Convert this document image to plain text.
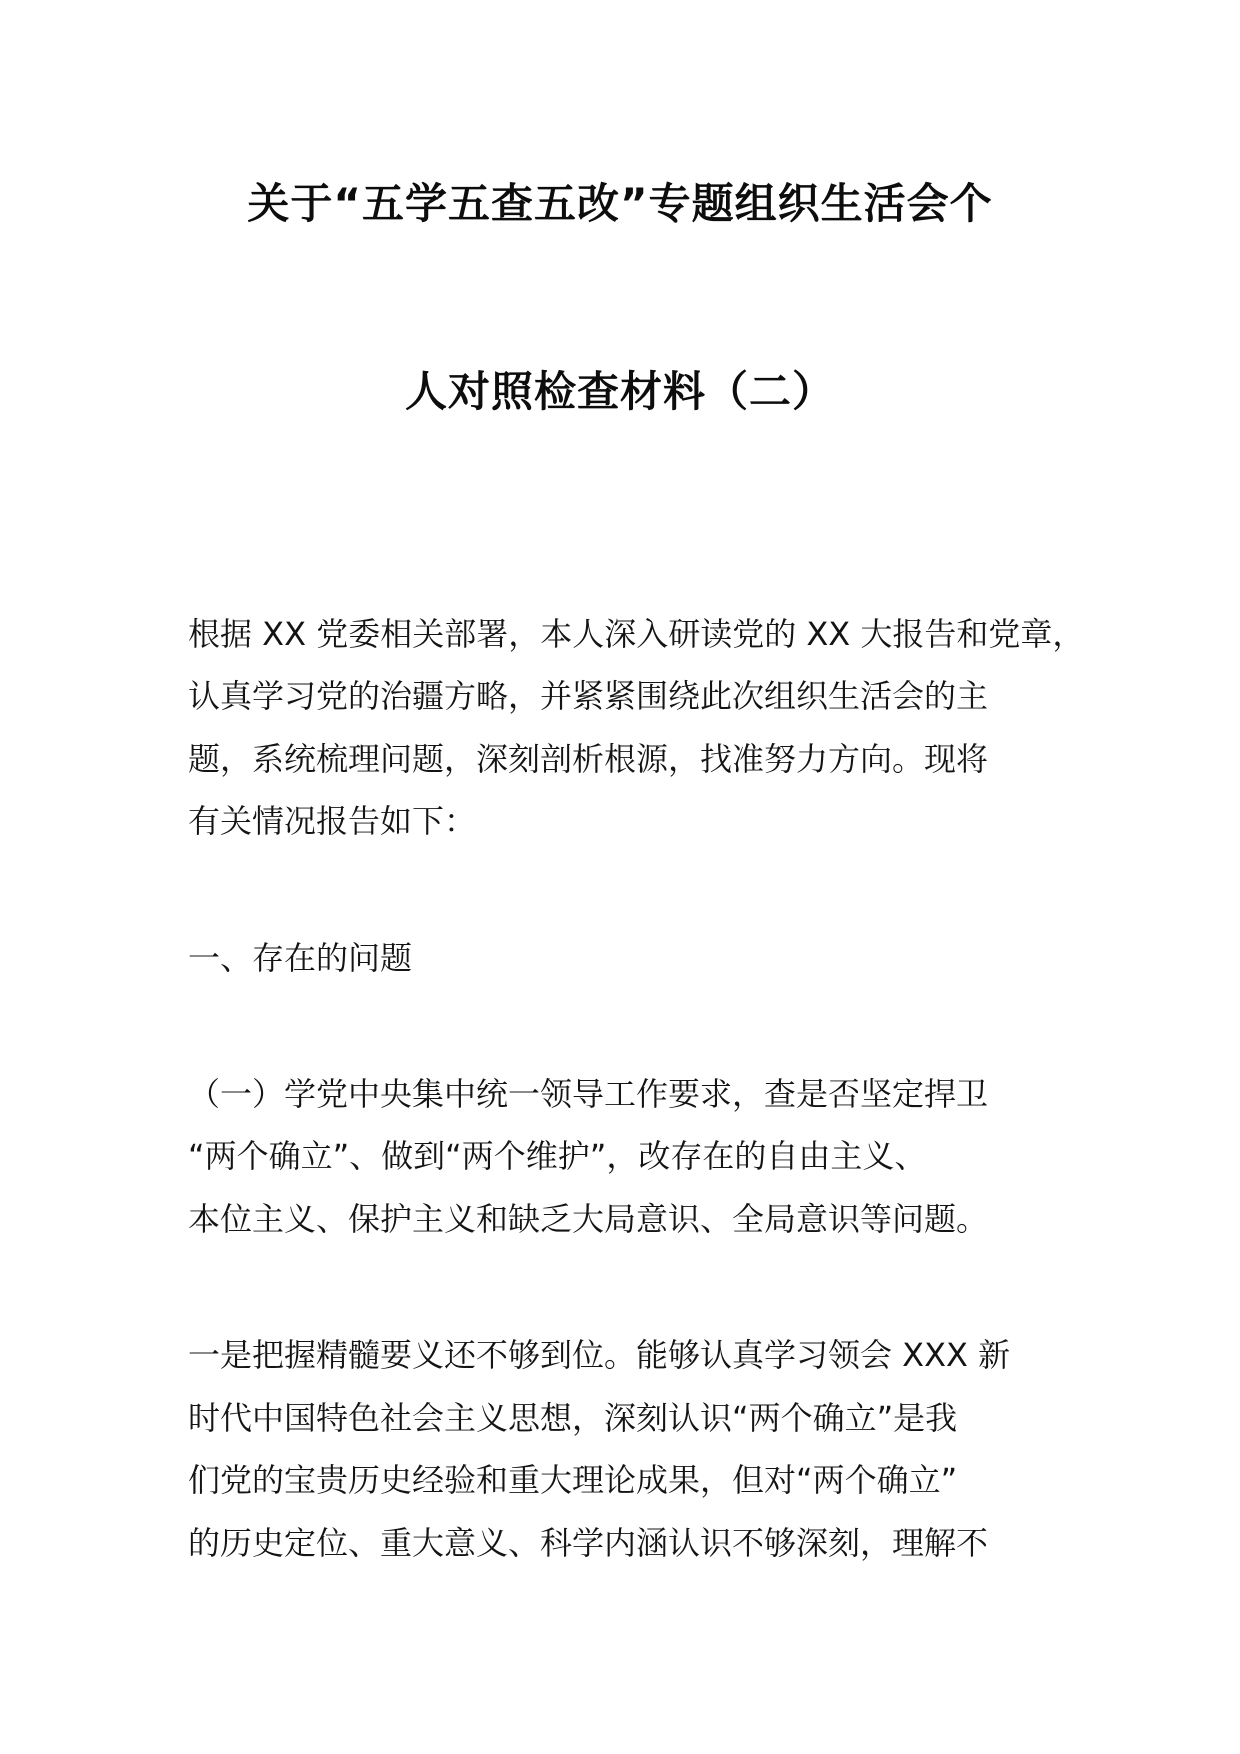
关于“五学五查五改”专题组织生活会个
人对照检查材料（二）
根据 XX 党委相关部署，本人深入研读党的 XX 大报告和党章，
认真学习党的治疆方略，并紧紧围绕此次组织生活会的主
题，系统梳理问题，深刻剖析根源，找准努力方向。现将
有关情况报告如下：
一、存在的问题
（一）学党中央集中统一领导工作要求，查是否坚定捍卫
“两个确立”、做到“两个维护”，改存在的自由主义、
本位主义、保护主义和缺乏大局意识、全局意识等问题。
一是把握精髓要义还不够到位。能够认真学习领会 XXX 新
时代中国特色社会主义思想，深刻认识“两个确立”是我
们党的宝贵历史经验和重大理论成果，但对“两个确立”
的历史定位、重大意义、科学内涵认识不够深刻，理解不
